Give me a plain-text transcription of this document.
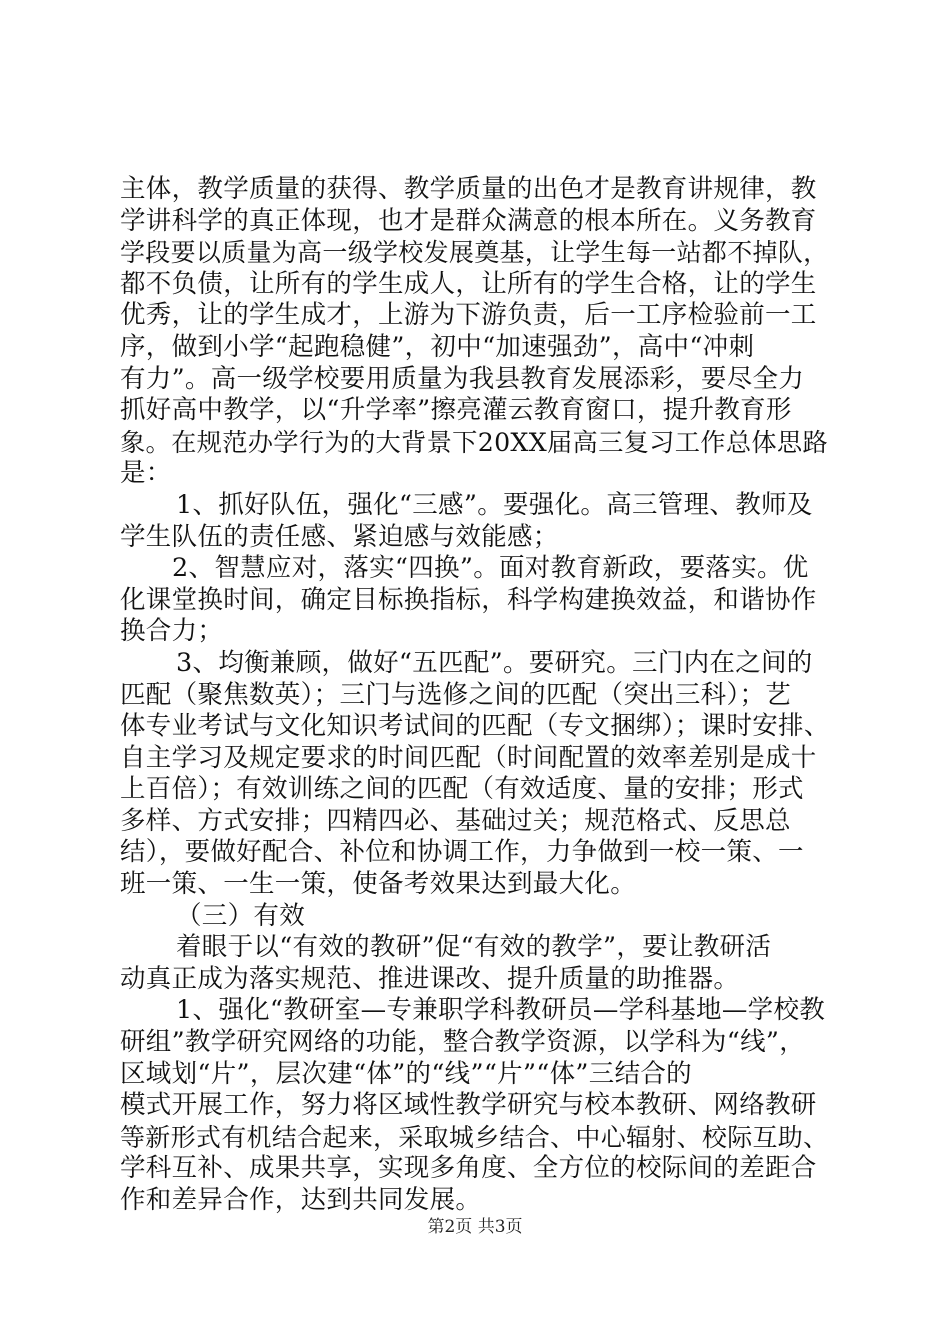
主体，教学质量的获得、教学质量的出色才是教育讲规律，教
学讲科学的真正体现，也才是群众满意的根本所在。义务教育
学段要以质量为高一级学校发展奠基，让学生每一站都不掉队，
都不负债，让所有的学生成人，让所有的学生合格，让的学生
优秀，让的学生成才，上游为下游负责，后一工序检验前一工
序，做到小学“起跑稳健”，初中“加速强劲”，高中“冲刺
有力”。高一级学校要用质量为我县教育发展添彩，要尽全力
抓好高中教学，以“升学率”擦亮灌云教育窗口，提升教育形
象。在规范办学行为的大背景下20XX届高三复习工作总体思路
是：
1、抓好队伍，强化“三感”。要强化。高三管理、教师及
学生队伍的责任感、紧迫感与效能感；
2、智慧应对，落实“四换”。面对教育新政，要落实。优
化课堂换时间，确定目标换指标，科学构建换效益，和谐协作
换合力；
3、均衡兼顾，做好“五匹配”。要研究。三门内在之间的
匹配（聚焦数英）；三门与选修之间的匹配（突出三科）；艺
体专业考试与文化知识考试间的匹配（专文捆绑）；课时安排、
自主学习及规定要求的时间匹配（时间配置的效率差别是成十
上百倍）；有效训练之间的匹配（有效适度、量的安排；形式
多样、方式安排；四精四必、基础过关；规范格式、反思总
结），要做好配合、补位和协调工作，力争做到一校一策、一
班一策、一生一策，使备考效果达到最大化。
（三）有效
着眼于以“有效的教研”促“有效的教学”，要让教研活
动真正成为落实规范、推进课改、提升质量的助推器。
1、强化“教研室—专兼职学科教研员—学科基地—学校教
研组”教学研究网络的功能，整合教学资源，以学科为“线”，
区域划“片”，层次建“体”的“线”“片”“体”三结合的
模式开展工作，努力将区域性教学研究与校本教研、网络教研
等新形式有机结合起来，采取城乡结合、中心辐射、校际互助、
学科互补、成果共享，实现多角度、全方位的校际间的差距合
作和差异合作，达到共同发展。
第2页 共3页
